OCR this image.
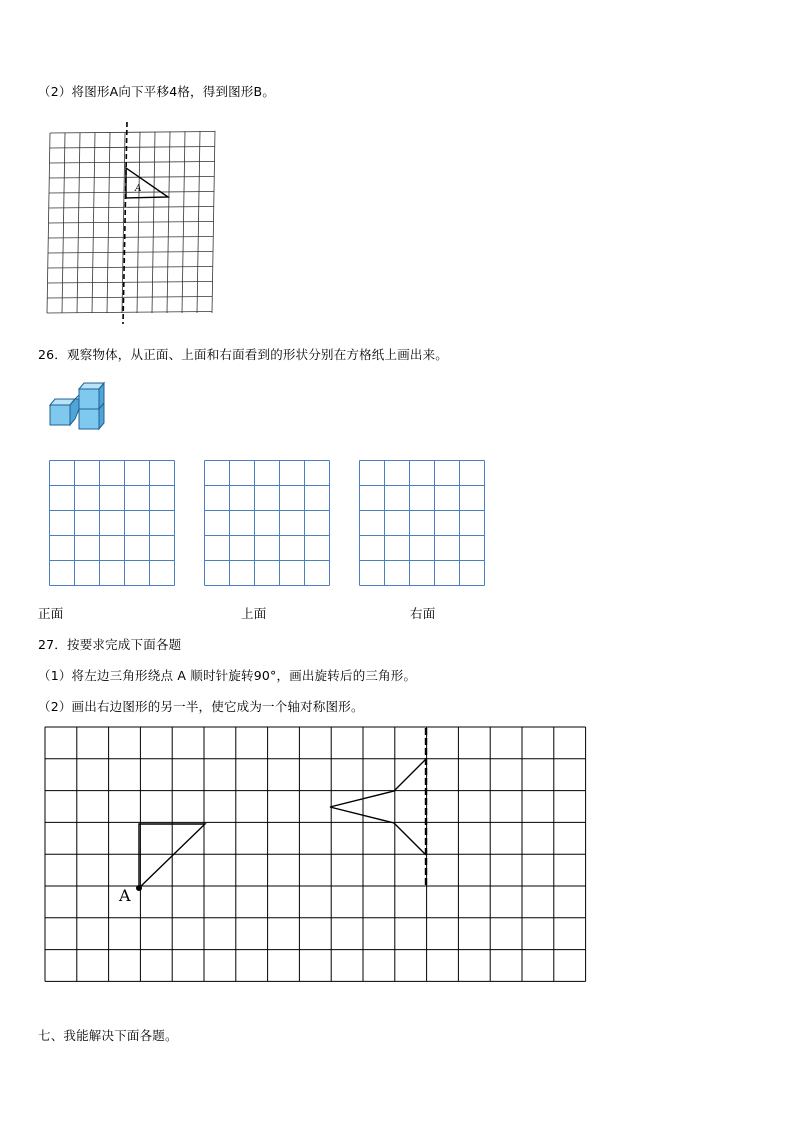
（2）将图形A向下平移4格，得到图形B。
A
26．观察物体，从正面、上面和右面看到的形状分别在方格纸上画出来。
正面	上面	右面
27．按要求完成下面各题
（1）将左边三角形绕点 A 顺时针旋转90°，画出旋转后的三角形。
（2）画出右边图形的另一半，使它成为一个轴对称图形。
A
七、我能解决下面各题。
